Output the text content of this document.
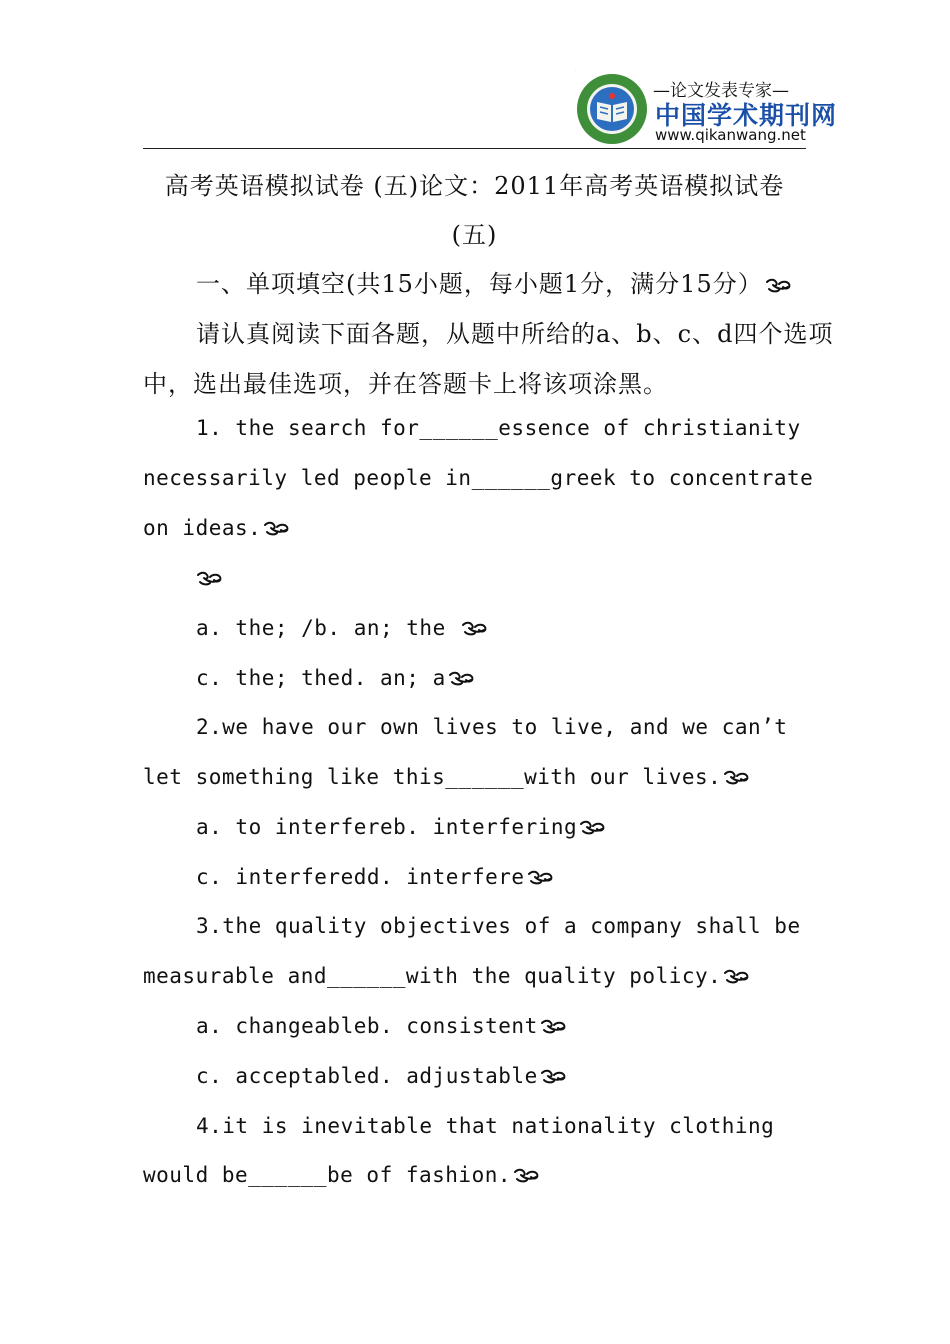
—论文发表专家—
中国学术期刊网
www.qikanwang.net
高考英语模拟试卷 (五)论文：2011年高考英语模拟试卷
(五)
一、单项填空(共15小题，每小题1分，满分15分）
请认真阅读下面各题，从题中所给的a、b、c、d四个选项
中，选出最佳选项，并在答题卡上将该项涂黑。
1. the search for______essence of christianity
necessarily led people in______greek to concentrate
on ideas.
a. the; /b. an; the
c. the; thed. an; a
2.we have our own lives to live, and we can’t
let something like this______with our lives.
a. to interfereb. interfering
c. interferedd. interfere
3.the quality objectives of a company shall be
measurable and______with the quality policy.
a. changeableb. consistent
c. acceptabled. adjustable
4.it is inevitable that nationality clothing
would be______be of fashion.
